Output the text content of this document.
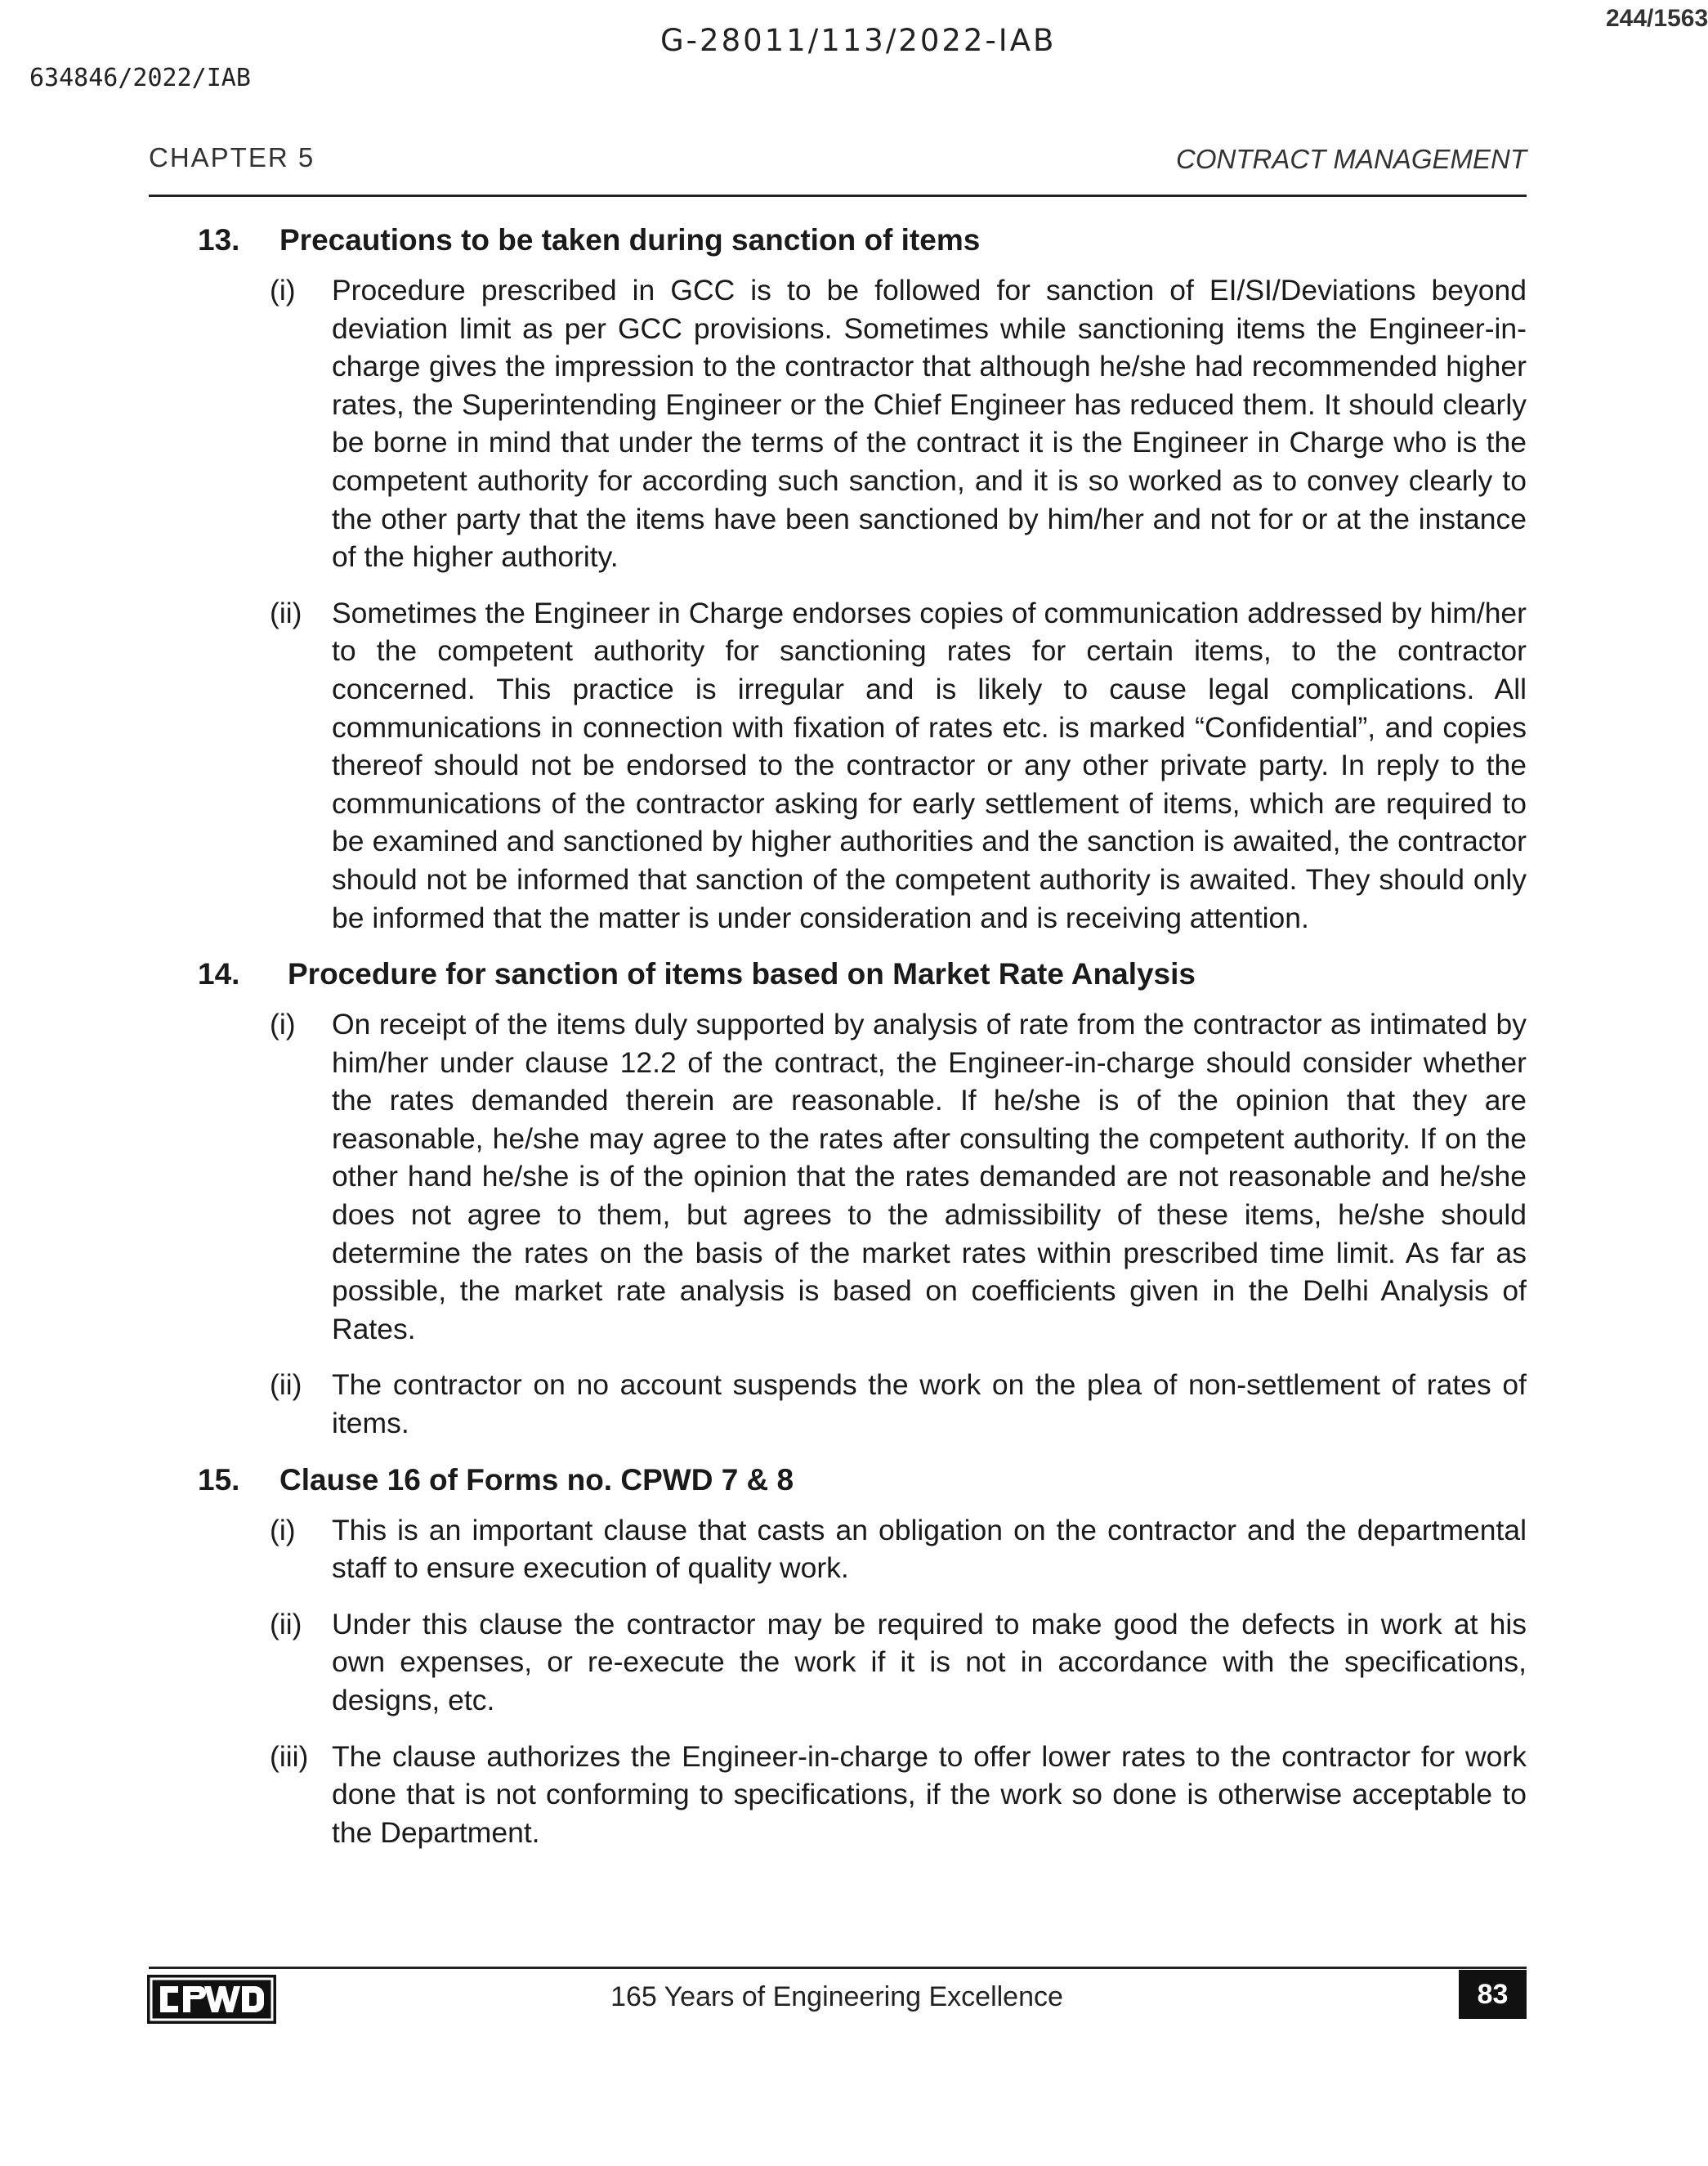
G-28011/113/2022-IAB
244/1563
634846/2022/IAB
CHAPTER 5	CONTRACT MANAGEMENT
13.	Precautions to be taken during sanction of items
(i)	Procedure prescribed in GCC is to be followed for sanction of EI/SI/Deviations beyond deviation limit as per GCC provisions. Sometimes while sanctioning items the Engineer-in-charge gives the impression to the contractor that although he/she had recommended higher rates, the Superintending Engineer or the Chief Engineer has reduced them. It should clearly be borne in mind that under the terms of the contract it is the Engineer in Charge who is the competent authority for according such sanction, and it is so worked as to convey clearly to the other party that the items have been sanctioned by him/her and not for or at the instance of the higher authority.
(ii)	Sometimes the Engineer in Charge endorses copies of communication addressed by him/her to the competent authority for sanctioning rates for certain items, to the contractor concerned. This practice is irregular and is likely to cause legal complications. All communications in connection with fixation of rates etc. is marked “Confidential”, and copies thereof should not be endorsed to the contractor or any other private party. In reply to the communications of the contractor asking for early settlement of items, which are required to be examined and sanctioned by higher authorities and the sanction is awaited, the contractor should not be informed that sanction of the competent authority is awaited. They should only be informed that the matter is under consideration and is receiving attention.
14.	Procedure for sanction of items based on Market Rate Analysis
(i)	On receipt of the items duly supported by analysis of rate from the contractor as intimated by him/her under clause 12.2 of the contract, the Engineer-in-charge should consider whether the rates demanded therein are reasonable. If he/she is of the opinion that they are reasonable, he/she may agree to the rates after consulting the competent authority. If on the other hand he/she is of the opinion that the rates demanded are not reasonable and he/she does not agree to them, but agrees to the admissibility of these items, he/she should determine the rates on the basis of the market rates within prescribed time limit. As far as possible, the market rate analysis is based on coefficients given in the Delhi Analysis of Rates.
(ii)	The contractor on no account suspends the work on the plea of non-settlement of rates of items.
15.	Clause 16 of Forms no. CPWD 7 & 8
(i)	This is an important clause that casts an obligation on the contractor and the departmental staff to ensure execution of quality work.
(ii)	Under this clause the contractor may be required to make good the defects in work at his own expenses, or re-execute the work if it is not in accordance with the specifications, designs, etc.
(iii) The clause authorizes the Engineer-in-charge to offer lower rates to the contractor for work done that is not conforming to specifications, if the work so done is otherwise acceptable to the Department.
165 Years of Engineering Excellence	83
